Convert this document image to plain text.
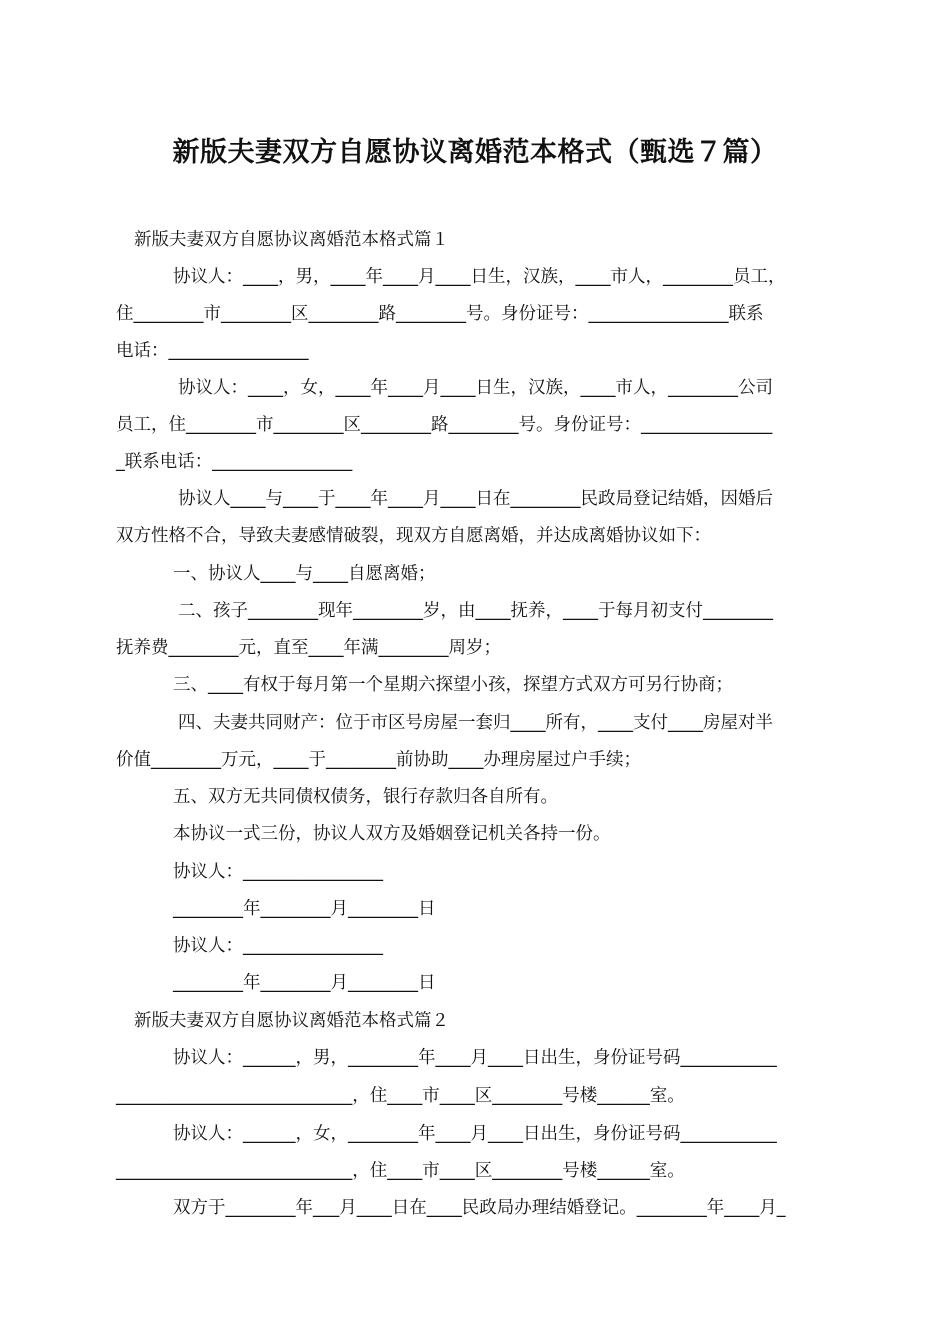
新版夫妻双方自愿协议离婚范本格式（甄选７篇）
新版夫妻双方自愿协议离婚范本格式篇１
协议人：____，男，____年____月____日生，汉族，____市人，________员工，
住________市________区________路________号。身份证号：________________联系
电话：________________
协议人：____，女，____年____月____日生，汉族，____市人，________公司
员工，住________市________区________路________号。身份证号：_______________
_联系电话：________________
协议人____与____于____年____月____日在________民政局登记结婚，因婚后
双方性格不合，导致夫妻感情破裂，现双方自愿离婚，并达成离婚协议如下：
一、协议人____与____自愿离婚；
二、孩子________现年________岁，由____抚养，____于每月初支付________
抚养费________元，直至____年满________周岁；
三、____有权于每月第一个星期六探望小孩，探望方式双方可另行协商；
四、夫妻共同财产：位于市区号房屋一套归____所有，____支付____房屋对半
价值________万元，____于________前协助____办理房屋过户手续；
五、双方无共同债权债务，银行存款归各自所有。
本协议一式三份，协议人双方及婚姻登记机关各持一份。
协议人：________________
________年________月________日
协议人：________________
________年________月________日
新版夫妻双方自愿协议离婚范本格式篇２
协议人：______，男，________年____月____日出生，身份证号码___________
___________________________，住____市____区________号楼______室。
协议人：______，女，________年____月____日出生，身份证号码___________
___________________________，住____市____区________号楼______室。
双方于________年___月____日在____民政局办理结婚登记。________年____月_
